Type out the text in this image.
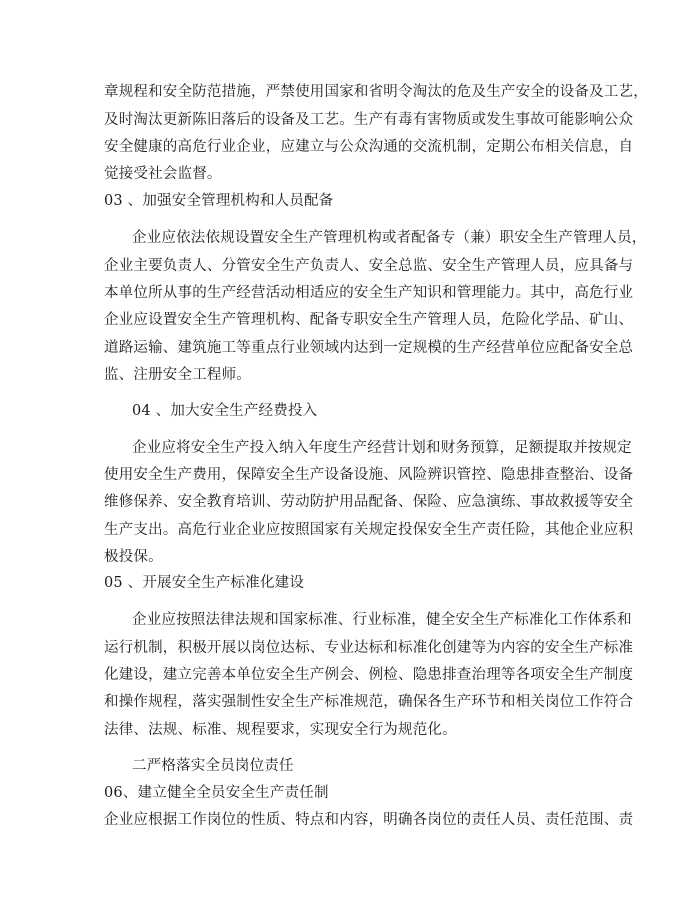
章规程和安全防范措施，严禁使用国家和省明令淘汰的危及生产安全的设备及工艺，
及时淘汰更新陈旧落后的设备及工艺。生产有毒有害物质或发生事故可能影响公众
安全健康的高危行业企业，应建立与公众沟通的交流机制，定期公布相关信息，自
觉接受社会监督。
03 、加强安全管理机构和人员配备
企业应依法依规设置安全生产管理机构或者配备专（兼）职安全生产管理人员，
企业主要负责人、分管安全生产负责人、安全总监、安全生产管理人员，应具备与
本单位所从事的生产经营活动相适应的安全生产知识和管理能力。其中，高危行业
企业应设置安全生产管理机构、配备专职安全生产管理人员，危险化学品、矿山、
道路运输、建筑施工等重点行业领域内达到一定规模的生产经营单位应配备安全总
监、注册安全工程师。
04 、加大安全生产经费投入
企业应将安全生产投入纳入年度生产经营计划和财务预算，足额提取并按规定
使用安全生产费用，保障安全生产设备设施、风险辨识管控、隐患排查整治、设备
维修保养、安全教育培训、劳动防护用品配备、保险、应急演练、事故救援等安全
生产支出。高危行业企业应按照国家有关规定投保安全生产责任险，其他企业应积
极投保。
05 、开展安全生产标准化建设
企业应按照法律法规和国家标准、行业标准，健全安全生产标准化工作体系和
运行机制，积极开展以岗位达标、专业达标和标准化创建等为内容的安全生产标准
化建设，建立完善本单位安全生产例会、例检、隐患排查治理等各项安全生产制度
和操作规程，落实强制性安全生产标准规范，确保各生产环节和相关岗位工作符合
法律、法规、标准、规程要求，实现安全行为规范化。
二严格落实全员岗位责任
06、建立健全全员安全生产责任制
企业应根据工作岗位的性质、特点和内容，明确各岗位的责任人员、责任范围、责
